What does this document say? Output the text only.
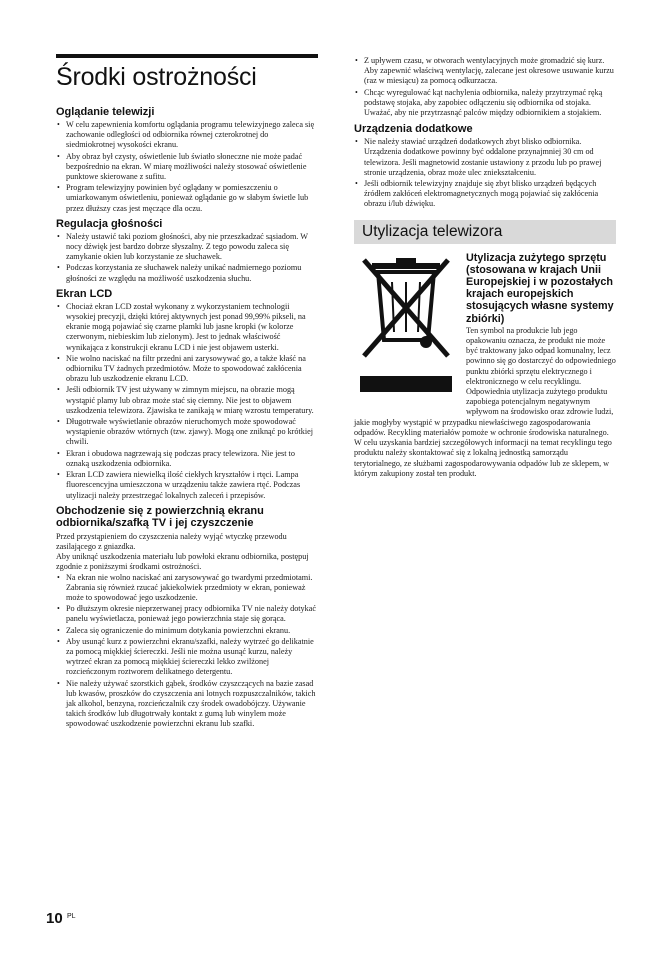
Środki ostrożności
Oglądanie telewizji
• W celu zapewnienia komfortu oglądania programu telewizyjnego zaleca się zachowanie odległości od odbiornika równej czterokrotnej do siedmiokrotnej wysokości ekranu.
• Aby obraz był czysty, oświetlenie lub światło słoneczne nie może padać bezpośrednio na ekran. W miarę możliwości należy stosować oświetlenie punktowe skierowane z sufitu.
• Program telewizyjny powinien być oglądany w pomieszczeniu o umiarkowanym oświetleniu, ponieważ oglądanie go w słabym świetle lub przez dłuższy czas jest męczące dla oczu.
Regulacja głośności
• Należy ustawić taki poziom głośności, aby nie przeszkadzać sąsiadom. W nocy dźwięk jest bardzo dobrze słyszalny. Z tego powodu zaleca się zamykanie okien lub korzystanie ze słuchawek.
• Podczas korzystania ze słuchawek należy unikać nadmiernego poziomu głośności ze względu na możliwość uszkodzenia słuchu.
Ekran LCD
• Chociaż ekran LCD został wykonany z wykorzystaniem technologii wysokiej precyzji, dzięki której aktywnych jest ponad 99,99% pikseli, na ekranie mogą pojawiać się czarne plamki lub jasne kropki (w kolorze czerwonym, niebieskim lub zielonym). Jest to jednak właściwość wynikająca z konstrukcji ekranu LCD i nie jest objawem usterki.
• Nie wolno naciskać na filtr przedni ani zarysowywać go, a także kłaść na odbiorniku TV żadnych przedmiotów. Może to spowodować zakłócenia obrazu lub uszkodzenie ekranu LCD.
• Jeśli odbiornik TV jest używany w zimnym miejscu, na obrazie mogą wystąpić plamy lub obraz może stać się ciemny. Nie jest to objawem uszkodzenia telewizora. Zjawiska te zanikają w miarę wzrostu temperatury.
• Długotrwałe wyświetlanie obrazów nieruchomych może spowodować wystąpienie obrazów wtórnych (tzw. zjawy). Mogą one zniknąć po krótkiej chwili.
• Ekran i obudowa nagrzewają się podczas pracy telewizora. Nie jest to oznaką uszkodzenia odbiornika.
• Ekran LCD zawiera niewielką ilość ciekłych kryształów i rtęci. Lampa fluorescencyjna umieszczona w urządzeniu także zawiera rtęć. Podczas utylizacji należy przestrzegać lokalnych zaleceń i przepisów.
Obchodzenie się z powierzchnią ekranu odbiornika/szafką TV i jej czyszczenie

Przed przystąpieniem do czyszczenia należy wyjąć wtyczkę przewodu zasilającego z gniazdka.

Aby uniknąć uszkodzenia materiału lub powłoki ekranu odbiornika, postępuj zgodnie z poniższymi środkami ostrożności.

• Na ekran nie wolno naciskać ani zarysowywać go twardymi przedmiotami. Zabrania się również rzucać jakiekolwiek przedmioty w ekran, ponieważ może to spowodować jego uszkodzenie.
• Po dłuższym okresie nieprzerwanej pracy odbiornika TV nie należy dotykać panelu wyświetlacza, ponieważ jego powierzchnia staje się gorąca.
• Zaleca się ograniczenie do minimum dotykania powierzchni ekranu.
• Aby usunąć kurz z powierzchni ekranu/szafki, należy wytrzeć go delikatnie za pomocą miękkiej ściereczki. Jeśli nie można usunąć kurzu, należy wytrzeć ekran za pomocą miękkiej ściereczki lekko zwilżonej rozcieńczonym roztworem delikatnego detergentu.
• Nie należy używać szorstkich gąbek, środków czyszczących na bazie zasad lub kwasów, proszków do czyszczenia ani lotnych rozpuszczalników, takich jak alkohol, benzyna, rozcieńczalnik czy środek owadobójczy. Używanie takich środków lub długotrwały kontakt z gumą lub winylem może spowodować uszkodzenie powierzchni ekranu lub szafki.
• Z upływem czasu, w otworach wentylacyjnych może gromadzić się kurz. Aby zapewnić właściwą wentylację, zalecane jest okresowe usuwanie kurzu (raz w miesiącu) za pomocą odkurzacza.
• Chcąc wyregulować kąt nachylenia odbiornika, należy przytrzymać ręką podstawę stojaka, aby zapobiec odłączeniu się odbiornika od stojaka. Uważać, aby nie przytrzasnąć palców między odbiornikiem a stojakiem.
Urządzenia dodatkowe
• Nie należy stawiać urządzeń dodatkowych zbyt blisko odbiornika. Urządzenia dodatkowe powinny być oddalone przynajmniej 30 cm od telewizora. Jeśli magnetowid zostanie ustawiony z przodu lub po prawej stronie urządzenia, obraz może ulec zniekształceniu.
• Jeśli odbiornik telewizyjny znajduje się zbyt blisko urządzeń będących źródłem zakłóceń elektromagnetycznych mogą pojawiać się zakłócenia obrazu i/lub dźwięku.
Utylizacja telewizora
Utylizacja zużytego sprzętu (stosowana w krajach Unii Europejskiej i w pozostałych krajach europejskich stosujących własne systemy zbiórki)

Ten symbol na produkcie lub jego opakowaniu oznacza, że produkt nie może być traktowany jako odpad komunalny, lecz powinno się go dostarczyć do odpowiedniego punktu zbiórki sprzętu elektrycznego i elektronicznego w celu recyklingu. Odpowiednia utylizacja zużytego produktu zapobiega potencjalnym negatywnym wpływom na środowisko oraz zdrowie ludzi, jakie mogłyby wystąpić w przypadku niewłaściwego zagospodarowania odpadów. Recykling materiałów pomoże w ochronie środowiska naturalnego.

W celu uzyskania bardziej szczegółowych informacji na temat recyklingu tego produktu należy skontaktować się z lokalną jednostką samorządu terytorialnego, ze służbami zagospodarowywania odpadów lub ze sklepem, w którym zakupiony został ten produkt.

10 PL
